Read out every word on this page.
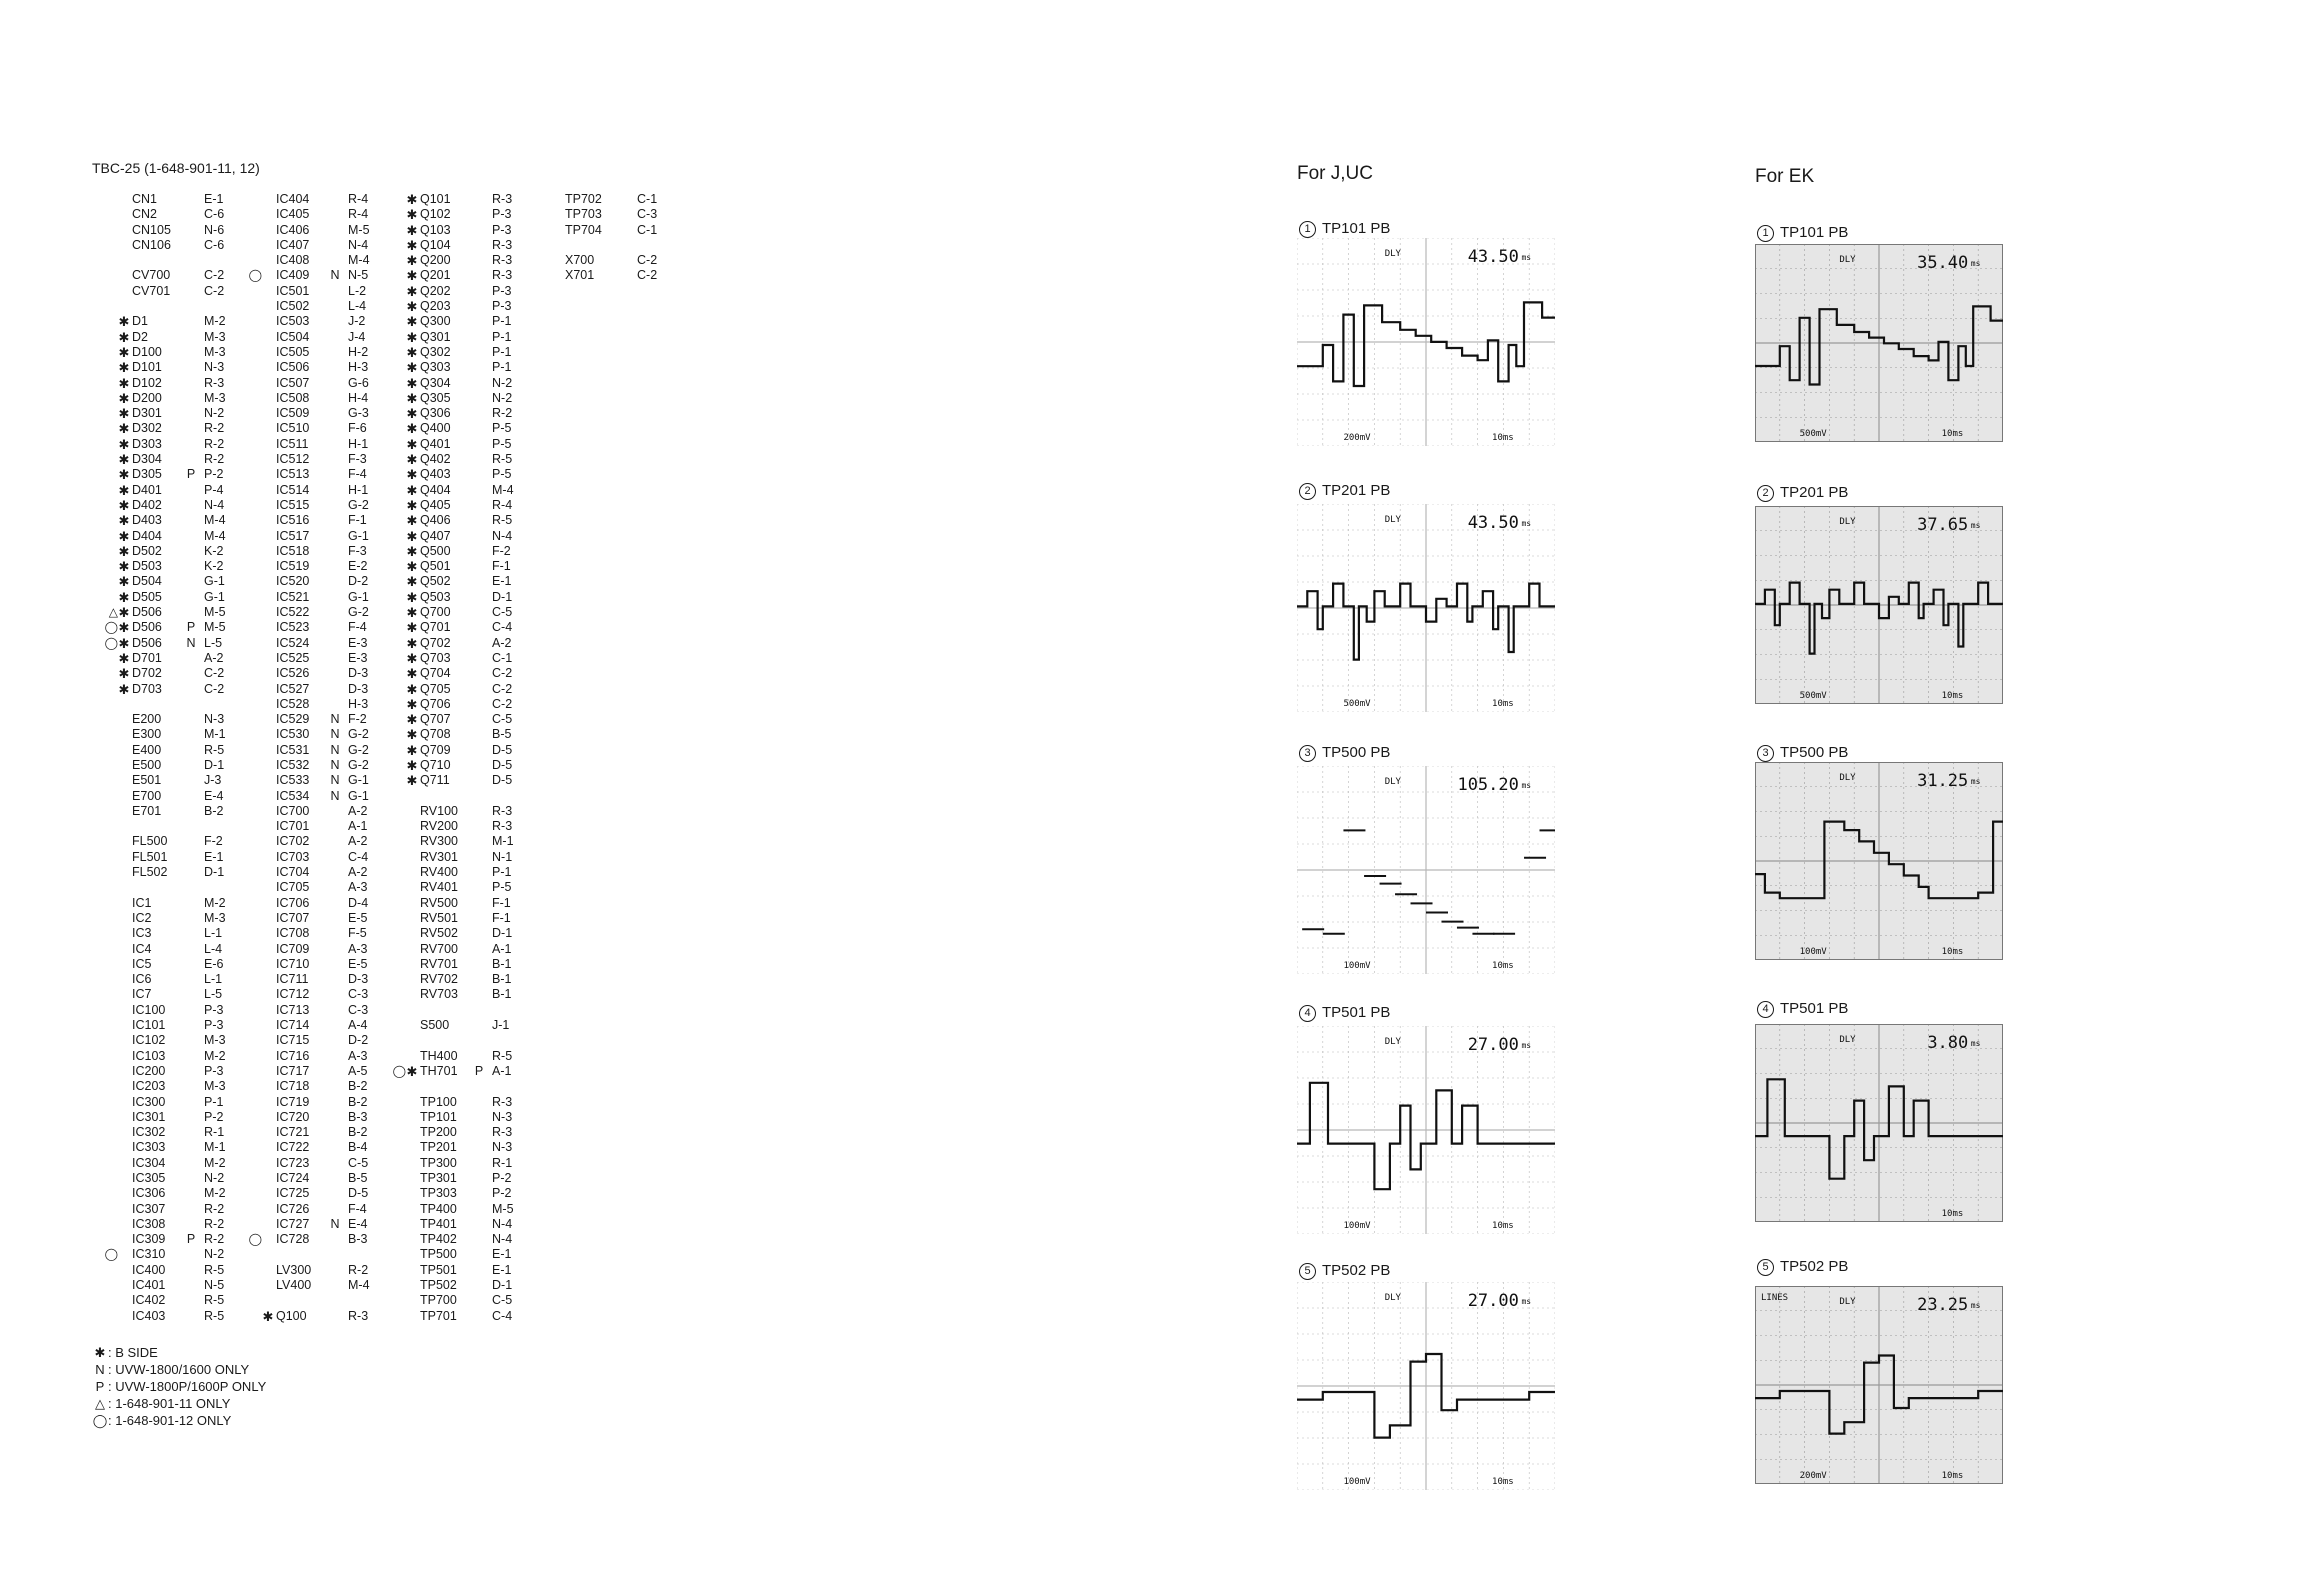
TBC-25 (1-648-901-11, 12)
CN1	E-1
CN2	C-6
CN105	N-6
CN106	C-6
CV700	C-2
CV701	C-2
✱ D1	M-2
✱ D2	M-3
✱ D100	M-3
✱ D101	N-3
✱ D102	R-3
✱ D200	M-3
✱ D301	N-2
✱ D302	R-2
✱ D303	R-2
✱ D304	R-2
✱ D305 P P-2
✱ D401	P-4
✱ D402	N-4
✱ D403	M-4
✱ D404	M-4
✱ D502	K-2
✱ D503	K-2
✱ D504	G-1
✱ D505	G-1
△ ✱ D506	M-5
◯ ✱ D506 P M-5
◯ ✱ D506 N L-5
✱ D701	A-2
✱ D702	C-2
✱ D703	C-2
E200	N-3
E300	M-1
E400	R-5
E500	D-1
E501	J-3
E700	E-4
E701	B-2
FL500	F-2
FL501	E-1
FL502	D-1
IC1	M-2
IC2	M-3
IC3	L-1
IC4	L-4
IC5	E-6
IC6	L-1
IC7	L-5
IC100	P-3
IC101	P-3
IC102	M-3
IC103	M-2
IC200	P-3
IC203	M-3
IC300	P-1
IC301	P-2
IC302	R-1
IC303	M-1
IC304	M-2
IC305	N-2
IC306	M-2
IC307	R-2
IC308	R-2
IC309 P R-2
◯ IC310	N-2
IC400	R-5
IC401	N-5
IC402	R-5
IC403	R-5
IC404	R-4
IC405	R-4
IC406	M-5
IC407	N-4
IC408	M-4
◯ IC409 N N-5
IC501	L-2
IC502	L-4
IC503	J-2
IC504	J-4
IC505	H-2
IC506	H-3
IC507	G-6
IC508	H-4
IC509	G-3
IC510	F-6
IC511	H-1
IC512	F-3
IC513	F-4
IC514	H-1
IC515	G-2
IC516	F-1
IC517	G-1
IC518	F-3
IC519	E-2
IC520	D-2
IC521	G-1
IC522	G-2
IC523	F-4
IC524	E-3
IC525	E-3
IC526	D-3
IC527	D-3
IC528	H-3
IC529 N F-2
IC530 N G-2
IC531 N G-2
IC532 N G-2
IC533 N G-1
IC534 N G-1
IC700	A-2
IC701	A-1
IC702	A-2
IC703	C-4
IC704	A-2
IC705	A-3
IC706	D-4
IC707	E-5
IC708	F-5
IC709	A-3
IC710	E-5
IC711	D-3
IC712	C-3
IC713	C-3
IC714	A-4
IC715	D-2
IC716	A-3
IC717	A-5
IC718	B-2
IC719	B-2
IC720	B-3
IC721	B-2
IC722	B-4
IC723	C-5
IC724	B-5
IC725	D-5
IC726	F-4
IC727 N E-4
◯ IC728	B-3
LV300	R-2
LV400	M-4
✱ Q100	R-3
✱ Q101	R-3
✱ Q102	P-3
✱ Q103	P-3
✱ Q104	R-3
✱ Q200	R-3
✱ Q201	R-3
✱ Q202	P-3
✱ Q203	P-3
✱ Q300	P-1
✱ Q301	P-1
✱ Q302	P-1
✱ Q303	P-1
✱ Q304	N-2
✱ Q305	N-2
✱ Q306	R-2
✱ Q400	P-5
✱ Q401	P-5
✱ Q402	R-5
✱ Q403	P-5
✱ Q404	M-4
✱ Q405	R-4
✱ Q406	R-5
✱ Q407	N-4
✱ Q500	F-2
✱ Q501	F-1
✱ Q502	E-1
✱ Q503	D-1
✱ Q700	C-5
✱ Q701	C-4
✱ Q702	A-2
✱ Q703	C-1
✱ Q704	C-2
✱ Q705	C-2
✱ Q706	C-2
✱ Q707	C-5
✱ Q708	B-5
✱ Q709	D-5
✱ Q710	D-5
✱ Q711	D-5
RV100	R-3
RV200	R-3
RV300	M-1
RV301	N-1
RV400	P-1
RV401	P-5
RV500	F-1
RV501	F-1
RV502	D-1
RV700	A-1
RV701	B-1
RV702	B-1
RV703	B-1
S500	J-1
TH400	R-5
◯ ✱ TH701 P A-1
TP100	R-3
TP101	N-3
TP200	R-3
TP201	N-3
TP300	R-1
TP301	P-2
TP303	P-2
TP400	M-5
TP401	N-4
TP402	N-4
TP500	E-1
TP501	E-1
TP502	D-1
TP700	C-5
TP701	C-4
TP702	C-1
TP703	C-3
TP704	C-1
X700	C-2
X701	C-2
✱ : B SIDE
N : UVW-1800/1600 ONLY
P : UVW-1800P/1600P ONLY
△ : 1-648-901-11 ONLY
◯: 1-648-901-12 ONLY
For J,UC
1 TP101 PB
DLY	43.50 ms
200mV	10ms
2 TP201 PB
DLY	43.50 ms
500mV	10ms
3 TP500 PB
DLY	105.20 ms
100mV	10ms
4 TP501 PB
DLY	27.00 ms
100mV	10ms
5 TP502 PB
DLY	27.00 ms
100mV	10ms
For EK
1 TP101 PB
DLY	35.40 ms
500mV	10ms
2 TP201 PB
DLY	37.65 ms
500mV	10ms
3 TP500 PB
DLY	31.25 ms
100mV	10ms
4 TP501 PB
DLY	3.80 ms
10ms
5 TP502 PB
DLY	23.25 ms
200mV	10ms
LINES
